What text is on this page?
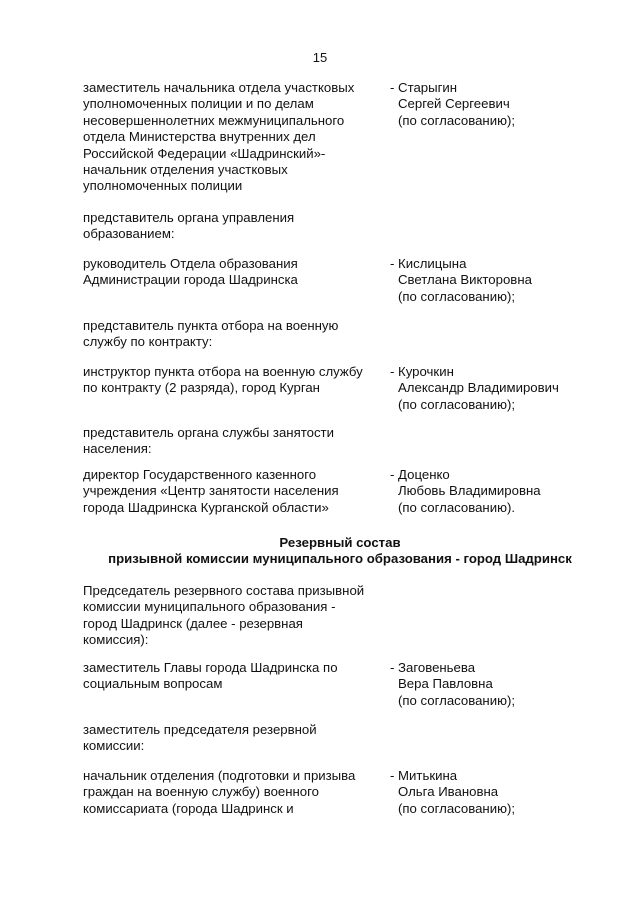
15
заместитель начальника отдела участковых
уполномоченных полиции и по делам
несовершеннолетних межмуниципального
отдела Министерства внутренних дел
Российской Федерации «Шадринский»-
начальник отделения участковых
уполномоченных полиции
- Старыгин
Сергей Сергеевич
(по согласованию);
представитель органа управления
образованием:
руководитель Отдела образования
Администрации города Шадринска
- Кислицына
Светлана Викторовна
(по согласованию);
представитель пункта отбора на военную
службу по контракту:
инструктор пункта отбора на военную службу
по контракту (2 разряда), город Курган
- Курочкин
Александр Владимирович
(по согласованию);
представитель органа службы занятости
населения:
директор Государственного казенного
учреждения «Центр занятости населения
города Шадринска Курганской области»
- Доценко
Любовь Владимировна
(по согласованию).
Резервный состав
призывной комиссии муниципального образования - город Шадринск
Председатель резервного состава призывной
комиссии муниципального образования -
город Шадринск (далее - резервная
комиссия):
заместитель Главы города Шадринска по
социальным вопросам
- Заговеньева
Вера Павловна
(по согласованию);
заместитель председателя резервной
комиссии:
начальник отделения (подготовки и призыва
граждан на военную службу) военного
комиссариата (города Шадринск и
- Митькина
Ольга Ивановна
(по согласованию);
